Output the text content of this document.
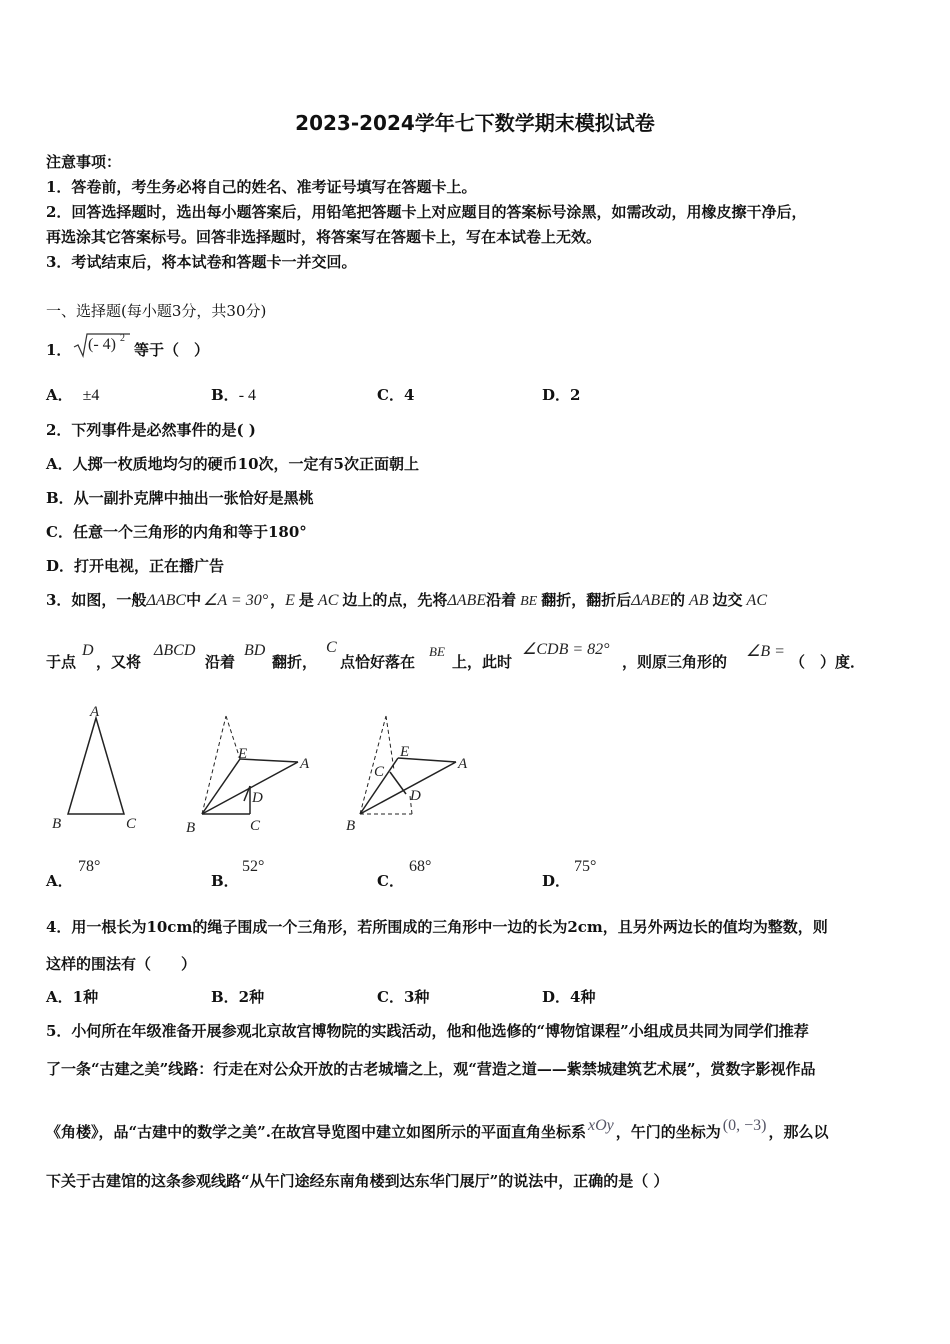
2023-2024学年七下数学期末模拟试卷
注意事项：
1．答卷前，考生务必将自己的姓名、准考证号填写在答题卡上。
2．回答选择题时，选出每小题答案后，用铅笔把答题卡上对应题目的答案标号涂黑，如需改动，用橡皮擦干净后，
再选涂其它答案标号。回答非选择题时，将答案写在答题卡上，写在本试卷上无效。
3．考试结束后，将本试卷和答题卡一并交回。
一、选择题(每小题3分，共30分)
1． (- 4) 2
等于（　）
A． ±4	B．- 4	C．4	D．2
2．下列事件是必然事件的是( )
A．人掷一枚质地均匀的硬币10次，一定有5次正面朝上
B．从一副扑克牌中抽出一张恰好是黑桃
C．任意一个三角形的内角和等于180°
D．打开电视，正在播广告
3．如图，一般ΔABC中 ∠A = 30° ，E 是 AC 边上的点，先将ΔABE沿着 BE 翻折，翻折后ΔABE的 AB 边交 AC
于点
D
，又将
ΔBCD
沿着
BD
翻折，
C
点恰好落在
BE
上，此时
∠CDB = 82°
，则原三角形的
∠B =
（　）度．
A
B	C
E
A
D
B	C
E
C	A
D
B
A．
78°
B．
52°
C．
68°
D．
75°
4．用一根长为10cm的绳子围成一个三角形，若所围成的三角形中一边的长为2cm，且另外两边长的值均为整数，则
这样的围法有（　　）
A．1种	B．2种	C．3种	D．4种
5．小何所在年级准备开展参观北京故宫博物院的实践活动，他和他选修的“博物馆课程”小组成员共同为同学们推荐
了一条“古建之美”线路：行走在对公众开放的古老城墙之上，观“营造之道——紫禁城建筑艺术展”，赏数字影视作品
《角楼》，品“古建中的数学之美”.在故宫导览图中建立如图所示的平面直角坐标系 xOy ，午门的坐标为 (0, −3) ，那么以
下关于古建馆的这条参观线路“从午门途经东南角楼到达东华门展厅”的说法中，正确的是（ ）
